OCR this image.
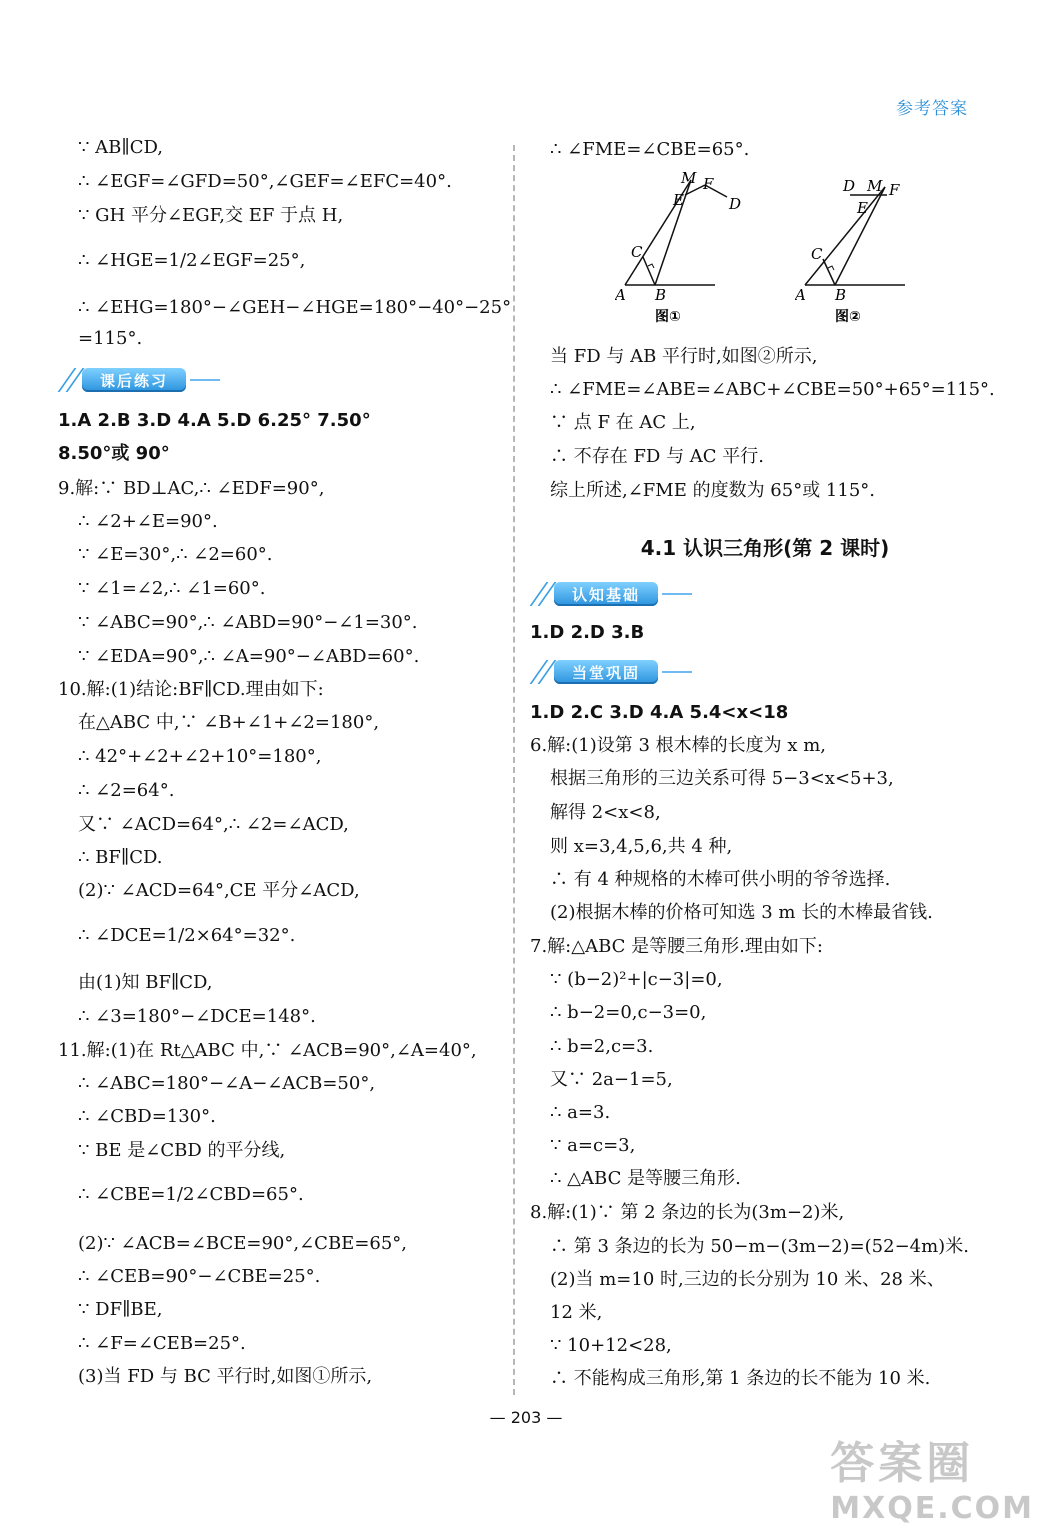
参考答案
∵ AB∥CD,
∴ ∠EGF=∠GFD=50°,∠GEF=∠EFC=40°.
∵ GH 平分∠EGF,交 EF 于点 H,
∴ ∠HGE=1/2∠EGF=25°,
∴ ∠EHG=180°−∠GEH−∠HGE=180°−40°−25°
=115°.
课后练习
1.A 2.B 3.D 4.A 5.D 6.25° 7.50°
8.50°或 90°
9.解:∵ BD⊥AC,∴ ∠EDF=90°,
∴ ∠2+∠E=90°.
∵ ∠E=30°,∴ ∠2=60°.
∵ ∠1=∠2,∴ ∠1=60°.
∵ ∠ABC=90°,∴ ∠ABD=90°−∠1=30°.
∵ ∠EDA=90°,∴ ∠A=90°−∠ABD=60°.
10.解:(1)结论:BF∥CD.理由如下:
在△ABC 中,∵ ∠B+∠1+∠2=180°,
∴ 42°+∠2+∠2+10°=180°,
∴ ∠2=64°.
又∵ ∠ACD=64°,∴ ∠2=∠ACD,
∴ BF∥CD.
(2)∵ ∠ACD=64°,CE 平分∠ACD,
∴ ∠DCE=1/2×64°=32°.
由(1)知 BF∥CD,
∴ ∠3=180°−∠DCE=148°.
11.解:(1)在 Rt△ABC 中,∵ ∠ACB=90°,∠A=40°,
∴ ∠ABC=180°−∠A−∠ACB=50°,
∴ ∠CBD=130°.
∵ BE 是∠CBD 的平分线,
∴ ∠CBE=1/2∠CBD=65°.
(2)∵ ∠ACB=∠BCE=90°,∠CBE=65°,
∴ ∠CEB=90°−∠CBE=25°.
∵ DF∥BE,
∴ ∠F=∠CEB=25°.
(3)当 FD 与 BC 平行时,如图①所示,
∴ ∠FME=∠CBE=65°.
A B
C
E
M F
D
图①
A B
C
E
D M F
图②
当 FD 与 AB 平行时,如图②所示,
∴ ∠FME=∠ABE=∠ABC+∠CBE=50°+65°=115°.
∵ 点 F 在 AC 上,
∴ 不存在 FD 与 AC 平行.
综上所述,∠FME 的度数为 65°或 115°.
4.1 认识三角形(第 2 课时)
认知基础
1.D 2.D 3.B
当堂巩固
1.D 2.C 3.D 4.A 5.4<x<18
6.解:(1)设第 3 根木棒的长度为 x m,
根据三角形的三边关系可得 5−3<x<5+3,
解得 2<x<8,
则 x=3,4,5,6,共 4 种,
∴ 有 4 种规格的木棒可供小明的爷爷选择.
(2)根据木棒的价格可知选 3 m 长的木棒最省钱.
7.解:△ABC 是等腰三角形.理由如下:
∵ (b−2)²+|c−3|=0,
∴ b−2=0,c−3=0,
∴ b=2,c=3.
又∵ 2a−1=5,
∴ a=3.
∵ a=c=3,
∴ △ABC 是等腰三角形.
8.解:(1)∵ 第 2 条边的长为(3m−2)米,
∴ 第 3 条边的长为 50−m−(3m−2)=(52−4m)米.
(2)当 m=10 时,三边的长分别为 10 米、28 米、
12 米,
∵ 10+12<28,
∴ 不能构成三角形,第 1 条边的长不能为 10 米.
— 203 —
答案圈
MXQE.COM
